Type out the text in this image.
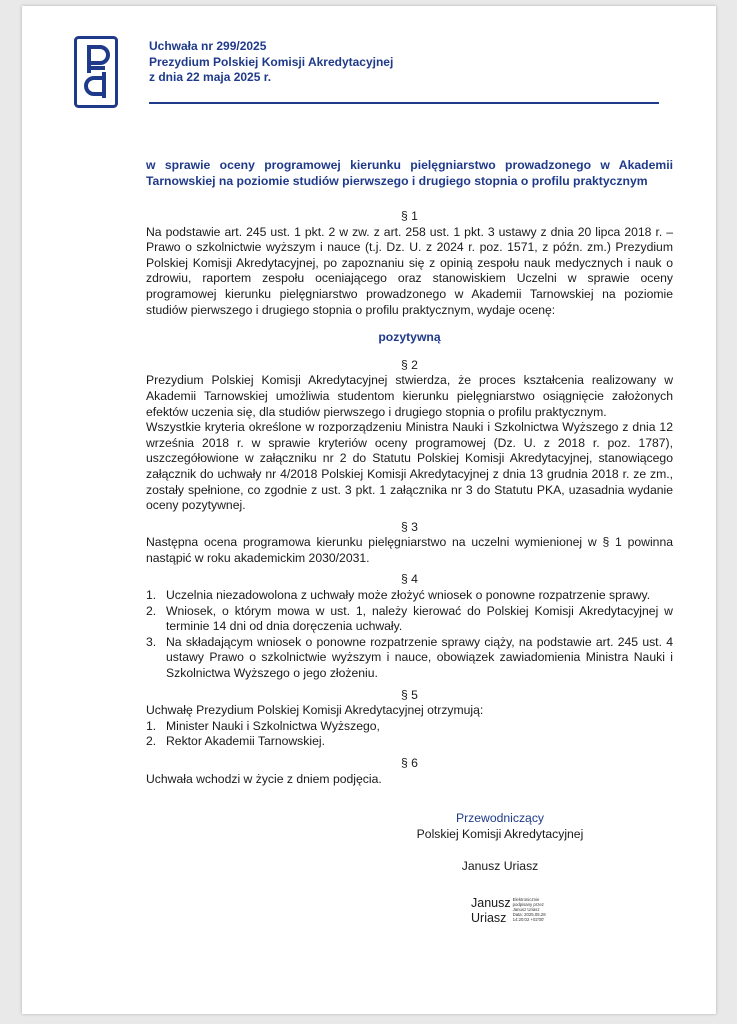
Uchwała nr 299/2025
Prezydium Polskiej Komisji Akredytacyjnej
z dnia 22 maja 2025 r.
w sprawie oceny programowej kierunku pielęgniarstwo prowadzonego w Akademii Tarnowskiej na poziomie studiów pierwszego i drugiego stopnia o profilu praktycznym
§ 1
Na podstawie art. 245 ust. 1 pkt. 2 w zw. z art. 258 ust. 1 pkt. 3 ustawy z dnia 20 lipca 2018 r. – Prawo o szkolnictwie wyższym i nauce (t.j. Dz. U. z 2024 r. poz. 1571, z późn. zm.) Prezydium Polskiej Komisji Akredytacyjnej, po zapoznaniu się z opinią zespołu nauk medycznych i nauk o zdrowiu, raportem zespołu oceniającego oraz stanowiskiem Uczelni w sprawie oceny programowej kierunku pielęgniarstwo prowadzonego w Akademii Tarnowskiej na poziomie studiów pierwszego i drugiego stopnia o profilu praktycznym, wydaje ocenę:
pozytywną
§ 2
Prezydium Polskiej Komisji Akredytacyjnej stwierdza, że proces kształcenia realizowany w Akademii Tarnowskiej umożliwia studentom kierunku pielęgniarstwo osiągnięcie założonych efektów uczenia się, dla studiów pierwszego i drugiego stopnia o profilu praktycznym.
Wszystkie kryteria określone w rozporządzeniu Ministra Nauki i Szkolnictwa Wyższego z dnia 12 września 2018 r. w sprawie kryteriów oceny programowej (Dz. U. z 2018 r. poz. 1787), uszczegółowione w załączniku nr 2 do Statutu Polskiej Komisji Akredytacyjnej, stanowiącego załącznik do uchwały nr 4/2018 Polskiej Komisji Akredytacyjnej z dnia 13 grudnia 2018 r. ze zm., zostały spełnione, co zgodnie z ust. 3 pkt. 1 załącznika nr 3 do Statutu PKA, uzasadnia wydanie oceny pozytywnej.
§ 3
Następna ocena programowa kierunku pielęgniarstwo na uczelni wymienionej w § 1 powinna nastąpić w roku akademickim 2030/2031.
§ 4
1. Uczelnia niezadowolona z uchwały może złożyć wniosek o ponowne rozpatrzenie sprawy.
2. Wniosek, o którym mowa w ust. 1, należy kierować do Polskiej Komisji Akredytacyjnej w terminie 14 dni od dnia doręczenia uchwały.
3. Na składającym wniosek o ponowne rozpatrzenie sprawy ciąży, na podstawie art. 245 ust. 4 ustawy Prawo o szkolnictwie wyższym i nauce, obowiązek zawiadomienia Ministra Nauki i Szkolnictwa Wyższego o jego złożeniu.
§ 5
Uchwałę Prezydium Polskiej Komisji Akredytacyjnej otrzymują:
1. Minister Nauki i Szkolnictwa Wyższego,
2. Rektor Akademii Tarnowskiej.
§ 6
Uchwała wchodzi w życie z dniem podjęcia.
Przewodniczący
Polskiej Komisji Akredytacyjnej
Janusz Uriasz
Janusz
Uriasz
Elektronicznie
podpisany przez
Janusz Uriasz
Data: 2025.05.28
14:20:02 +02'00'
